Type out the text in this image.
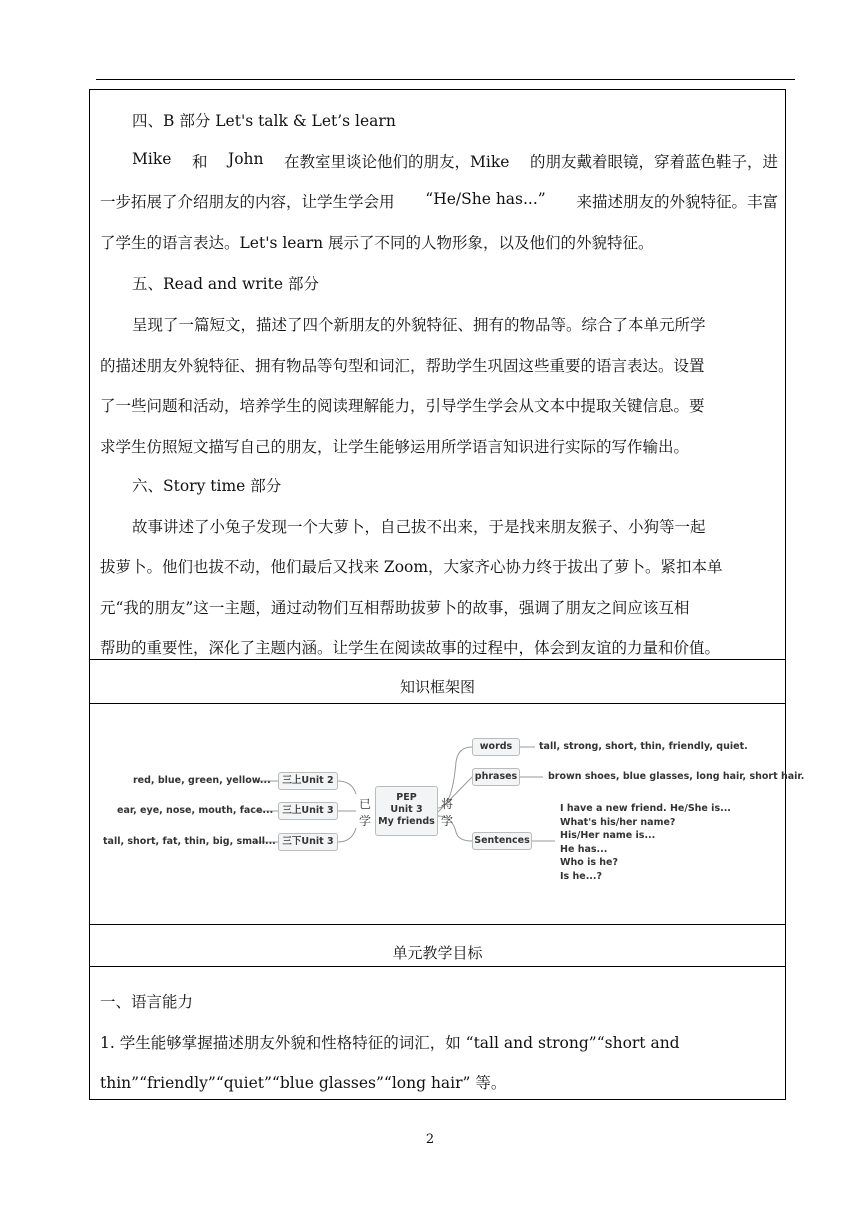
四、B 部分 Let's talk & Let’s learn
Mike 和 John 在教室里谈论他们的朋友，Mike 的朋友戴着眼镜，穿着蓝色鞋子，进
一步拓展了介绍朋友的内容，让学生学会用 “He/She has...” 来描述朋友的外貌特征。丰富
了学生的语言表达。Let's learn 展示了不同的人物形象，以及他们的外貌特征。
五、Read and write 部分
呈现了一篇短文，描述了四个新朋友的外貌特征、拥有的物品等。综合了本单元所学
的描述朋友外貌特征、拥有物品等句型和词汇，帮助学生巩固这些重要的语言表达。设置
了一些问题和活动，培养学生的阅读理解能力，引导学生学会从文本中提取关键信息。要
求学生仿照短文描写自己的朋友，让学生能够运用所学语言知识进行实际的写作输出。
六、Story time 部分
故事讲述了小兔子发现一个大萝卜，自己拔不出来，于是找来朋友猴子、小狗等一起
拔萝卜。他们也拔不动，他们最后又找来 Zoom，大家齐心协力终于拔出了萝卜。紧扣本单
元“我的朋友”这一主题，通过动物们互相帮助拔萝卜的故事，强调了朋友之间应该互相
帮助的重要性，深化了主题内涵。让学生在阅读故事的过程中，体会到友谊的力量和价值。
知识框架图
red, blue, green, yellow...
ear, eye, nose, mouth, face...
tall, short, fat, thin, big, small...
三上Unit 2
三上Unit 3
三下Unit 3
已
学
PEP
Unit 3
My friends
将
学
words	tall, strong, short, thin, friendly, quiet.
phrases	brown shoes, blue glasses, long hair, short hair.
Sentences
I have a new friend. He/She is...
What's his/her name?
His/Her name is...
He has...
Who is he?
Is he...?
单元教学目标
一、语言能力
1. 学生能够掌握描述朋友外貌和性格特征的词汇，如 “tall and strong”“short and
thin”“friendly”“quiet”“blue glasses”“long hair” 等。
2
